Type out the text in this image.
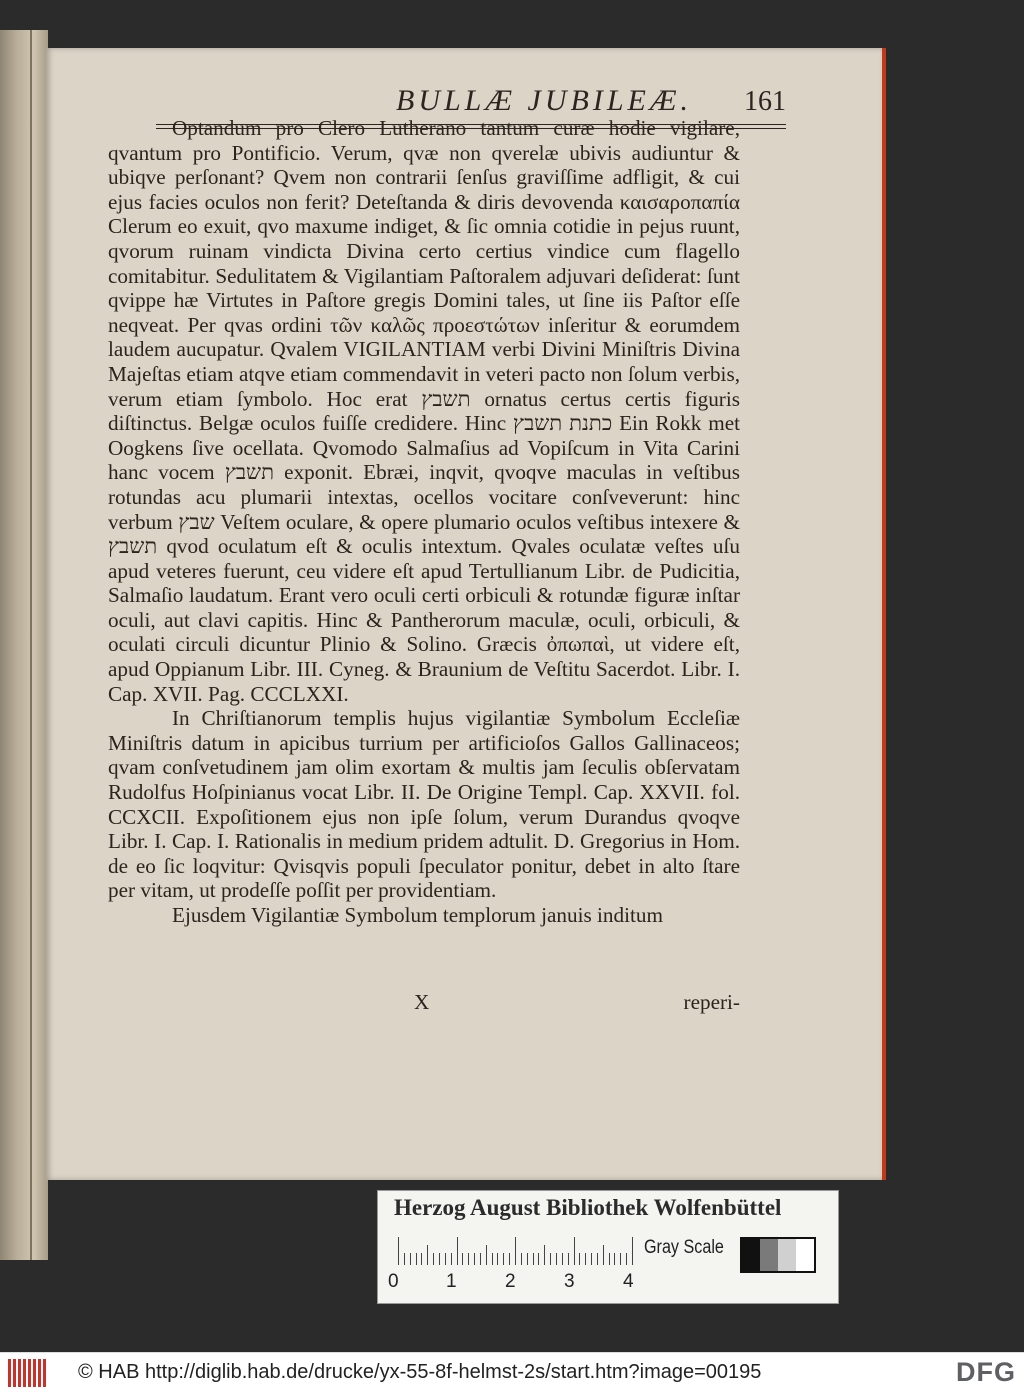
BULLÆ JUBILEÆ. 161

Optandum pro Clero Lutherano tantum curæ hodie vigilare, qvantum pro Pontificio. Verum, qvæ non qverelæ ubivis audiuntur & ubiqve perſonant? Qvem non contrarii ſenſus graviſſime adfligit, & cui ejus facies oculos non ferit? Deteſtanda & diris devovenda καισαροπαπία Clerum eo exuit, qvo maxume indiget, & ſic omnia cotidie in pejus ruunt, qvorum ruinam vindicta Divina certo certius vindice cum flagello comitabitur. Sedulitatem & Vigilantiam Paſtoralem adjuvari deſiderat: ſunt qvippe hæ Virtutes in Paſtore gregis Domini tales, ut ſine iis Paſtor eſſe neqveat. Per qvas ordini τῶν καλῶς προεστώτων inſeritur & eorumdem laudem aucupatur. Qvalem VIGILANTIAM verbi Divini Miniſtris Divina Majeſtas etiam atqve etiam commendavit in veteri pacto non ſolum verbis, verum etiam ſymbolo. Hoc erat תשבץ ornatus certus certis figuris diſtinctus. Belgæ oculos fuiſſe credidere. Hinc כתנת תשבץ Ein Rokk met Oogkens ſive ocellata. Qvomodo Salmaſius ad Vopiſcum in Vita Carini hanc vocem תשבץ exponit. Ebræi, inqvit, qvoqve maculas in veſtibus rotundas acu plumarii intextas, ocellos vocitare conſveverunt: hinc verbum שבץ Veſtem oculare, & opere plumario oculos veſtibus intexere & תשבץ qvod oculatum eſt & oculis intextum. Qvales oculatæ veſtes uſu apud veteres fuerunt, ceu videre eſt apud Tertullianum Libr. de Pudicitia, Salmaſio laudatum. Erant vero oculi certi orbiculi & rotundæ figuræ inſtar oculi, aut clavi capitis. Hinc & Pantherorum maculæ, oculi, orbiculi, & oculati circuli dicuntur Plinio & Solino. Græcis ὀπωπαὶ, ut videre eſt, apud Oppianum Libr. III. Cyneg. & Braunium de Veſtitu Sacerdot. Libr. I. Cap. XVII. Pag. CCCLXXI.

In Chriſtianorum templis hujus vigilantiæ Symbolum Eccleſiæ Miniſtris datum in apicibus turrium per artificioſos Gallos Gallinaceos; qvam conſvetudinem jam olim exortam & multis jam ſeculis obſervatam Rudolfus Hoſpinianus vocat Libr. II. De Origine Templ. Cap. XXVII. fol. CCXCII. Expoſitionem ejus non ipſe ſolum, verum Durandus qvoqve Libr. I. Cap. I. Rationalis in medium pridem adtulit. D. Gregorius in Hom. de eo ſic loqvitur: Qvisqvis populi ſpeculator ponitur, debet in alto ſtare per vitam, ut prodeſſe poſſit per providentiam.

Ejusdem Vigilantiæ Symbolum templorum januis inditum

X	reperi-
Herzog August Bibliothek Wolfenbüttel
0 1	2	3	4
Gray Scale
© HAB http://diglib.hab.de/drucke/yx-55-8f-helmst-2s/start.htm?image=00195	DFG
